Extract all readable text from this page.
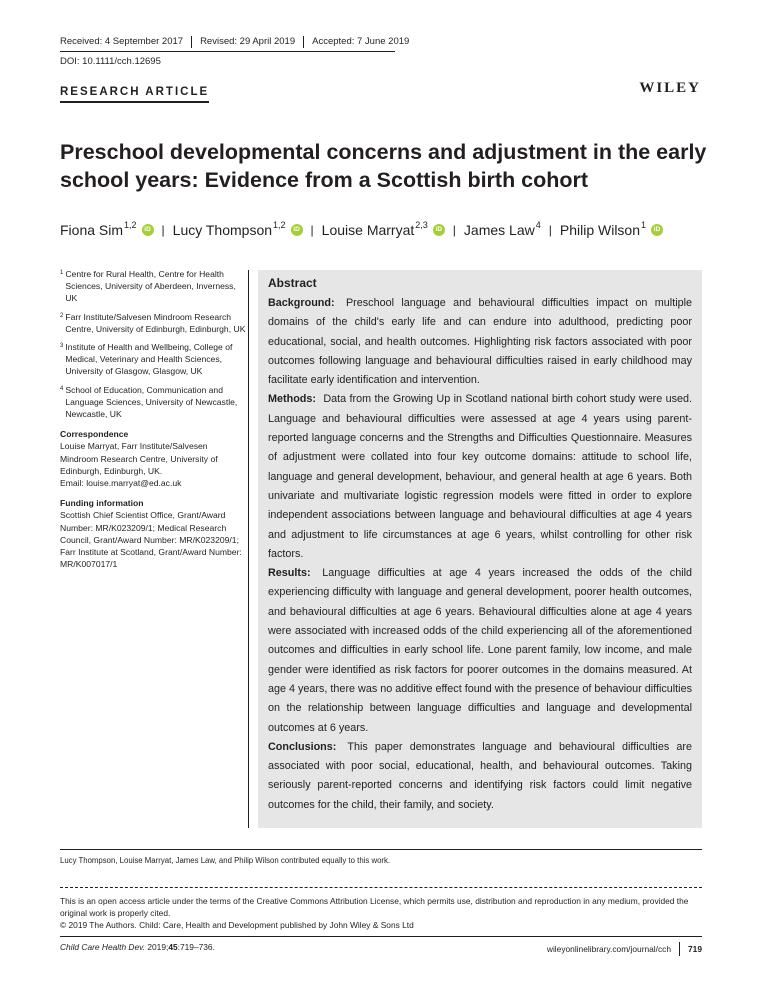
Received: 4 September 2017	Revised: 29 April 2019	Accepted: 7 June 2019
DOI: 10.1111/cch.12695
RESEARCH ARTICLE	WILEY
Preschool developmental concerns and adjustment in the early school years: Evidence from a Scottish birth cohort
Fiona Sim$^{1,2}$	iD | Lucy Thompson$^{1,2}$	iD | Louise Marryat$^{2,3}$	iD | James Law$^4$ | Philip Wilson$^1$	iD
$^1$ Centre for Rural Health, Centre for Health Sciences, University of Aberdeen, Inverness, UK
$^2$ Farr Institute/Salvesen Mindroom Research Centre, University of Edinburgh, Edinburgh, UK
$^3$ Institute of Health and Wellbeing, College of Medical, Veterinary and Health Sciences, University of Glasgow, Glasgow, UK
$^4$ School of Education, Communication and Language Sciences, University of Newcastle, Newcastle, UK
Correspondence
Louise Marryat, Farr Institute/Salvesen Mindroom Research Centre, University of Edinburgh, Edinburgh, UK.
Email: louise.marryat@ed.ac.uk
Funding information
Scottish Chief Scientist Office, Grant/Award Number: MR/K023209/1; Medical Research Council, Grant/Award Number: MR/K023209/1; Farr Institute at Scotland, Grant/Award Number: MR/K007017/1
Abstract

Background: Preschool language and behavioural difficulties impact on multiple domains of the child's early life and can endure into adulthood, predicting poor educational, social, and health outcomes. Highlighting risk factors associated with poor outcomes following language and behavioural difficulties raised in early childhood may facilitate early identification and intervention.

Methods: Data from the Growing Up in Scotland national birth cohort study were used. Language and behavioural difficulties were assessed at age 4 years using parent-reported language concerns and the Strengths and Difficulties Questionnaire. Measures of adjustment were collated into four key outcome domains: attitude to school life, language and general development, behaviour, and general health at age 6 years. Both univariate and multivariate logistic regression models were fitted in order to explore independent associations between language and behavioural difficulties at age 4 years and adjustment to life circumstances at age 6 years, whilst controlling for other risk factors.

Results: Language difficulties at age 4 years increased the odds of the child experiencing difficulty with language and general development, poorer health outcomes, and behavioural difficulties at age 6 years. Behavioural difficulties alone at age 4 years were associated with increased odds of the child experiencing all of the aforementioned outcomes and difficulties in early school life. Lone parent family, low income, and male gender were identified as risk factors for poorer outcomes in the domains measured. At age 4 years, there was no additive effect found with the presence of behaviour difficulties on the relationship between language difficulties and language and developmental outcomes at 6 years.

Conclusions: This paper demonstrates language and behavioural difficulties are associated with poor social, educational, health, and behavioural outcomes. Taking seriously parent-reported concerns and identifying risk factors could limit negative outcomes for the child, their family, and society.

Lucy Thompson, Louise Marryat, James Law, and Philip Wilson contributed equally to this work.
This is an open access article under the terms of the Creative Commons Attribution License, which permits use, distribution and reproduction in any medium, provided the original work is properly cited.
© 2019 The Authors. Child: Care, Health and Development published by John Wiley & Sons Ltd
Child Care Health Dev. 2019;45:719–736.	wileyonlinelibrary.com/journal/cch 719
